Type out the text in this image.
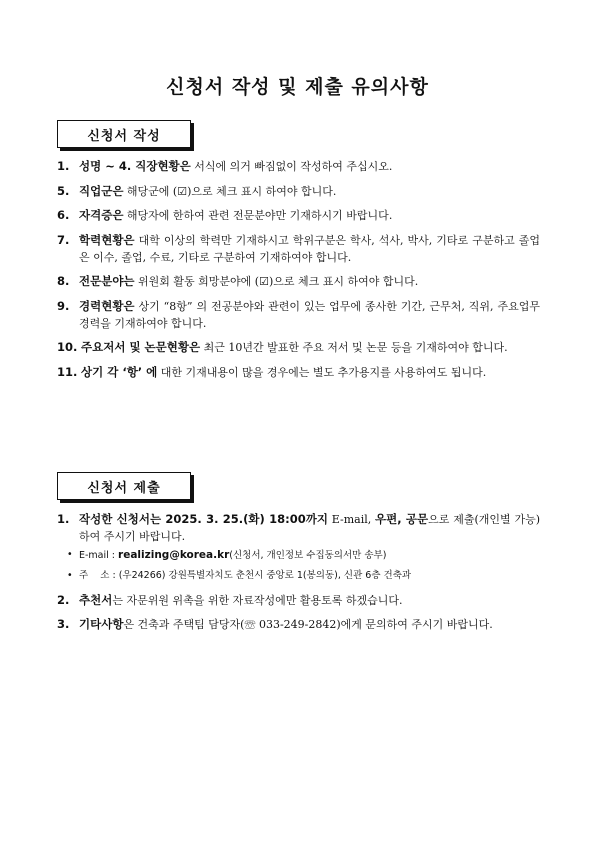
신청서 작성 및 제출 유의사항
신청서 작성
1. 성명 ~ 4. 직장현황은 서식에 의거 빠짐없이 작성하여 주십시오.
5. 직업군은 해당군에 (☑)으로 체크 표시 하여야 합니다.
6. 자격증은 해당자에 한하여 관련 전문분야만 기재하시기 바랍니다.
7. 학력현황은 대학 이상의 학력만 기재하시고 학위구분은 학사, 석사, 박사, 기타로 구분하고 졸업은 이수, 졸업, 수료, 기타로 구분하여 기재하여야 합니다.
8. 전문분야는 위원회 활동 희망분야에 (☑)으로 체크 표시 하여야 합니다.
9. 경력현황은 상기 “8항” 의 전공분야와 관련이 있는 업무에 종사한 기간, 근무처, 직위, 주요업무경력을 기재하여야 합니다.
10. 주요저서 및 논문현황은 최근 10년간 발표한 주요 저서 및 논문 등을 기재하여야 합니다.
11. 상기 각 ‘항’ 에 대한 기재내용이 많을 경우에는 별도 추가용지를 사용하여도 됩니다.
신청서 제출
1. 작성한 신청서는 2025. 3. 25.(화) 18:00까지 E-mail, 우편, 공문으로 제출(개인별 가능)하여 주시기 바랍니다.
• E-mail : realizing@korea.kr(신청서, 개인정보 수집동의서만 송부)
• 주    소 : (우24266) 강원특별자치도 춘천시 중앙로 1(봉의동), 신관 6층 건축과
2. 추천서는 자문위원 위촉을 위한 자료작성에만 활용토록 하겠습니다.
3. 기타사항은 건축과 주택팀 담당자(☏ 033-249-2842)에게 문의하여 주시기 바랍니다.
